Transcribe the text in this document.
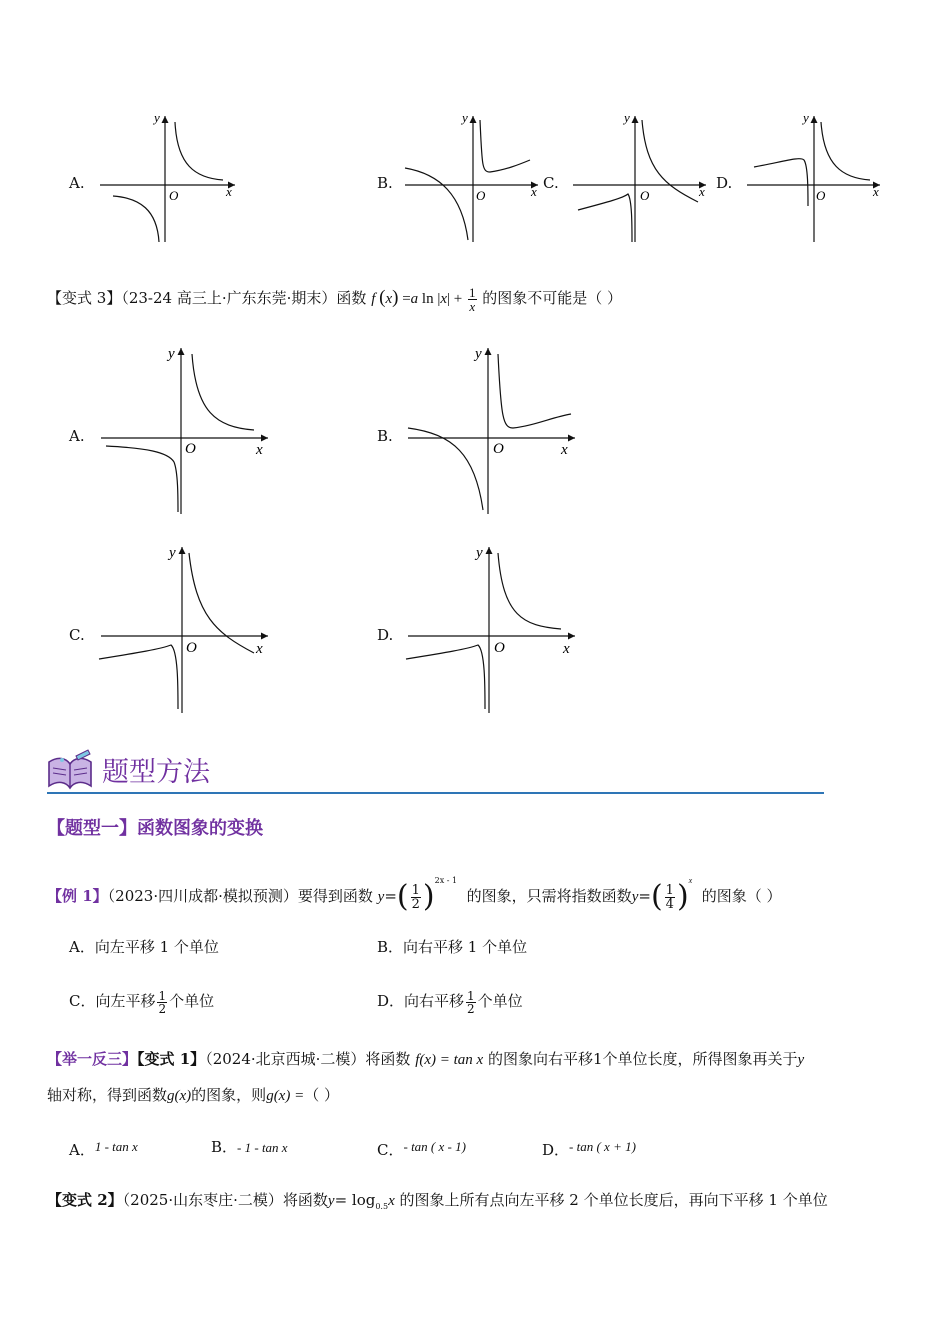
A.
O	x
y
B.
O	x
y
C.
O	x
y
D.
O	x
y
【变式 3】（23-24 高三上·广东东莞·期末）函数 f (x) =a $\ln |x| + \frac{1}{x}$ 的图象不可能是（ ）
A.
O	x
y
B.
O	x
y
C.
O	x
y
D.
O	x
y
题型方法
【题型一】函数图象的变换
【例 1】（2023·四川成都·模拟预测）要得到函数 $y=( \frac{1}{2} )^{2x - 1}$  的图象，只需将指数函数$y=( \frac{1}{4} )^x$  的图象（ ）
A．向左平移 1 个单位	B．向右平移 1 个单位
C．向左平移 $\frac{1}{2}$ 个单位	D．向右平移 $\frac{1}{2}$ 个单位
【举一反三】【变式 1】（2024·北京西城·二模）将函数 f(x) = tan x 的图象向右平移1个单位长度，所得图象再关于y
轴对称，得到函数g(x)的图象，则g(x) =（ ）
A．1 - tan x	B．- 1 - tan x	C．- tan ( x - 1)	D．- tan ( x + 1)
【变式 2】（2025·山东枣庄·二模）将函数$y= \log_{0.5}x$ 的图象上所有点向左平移 2 个单位长度后，再向下平移 1 个单位
